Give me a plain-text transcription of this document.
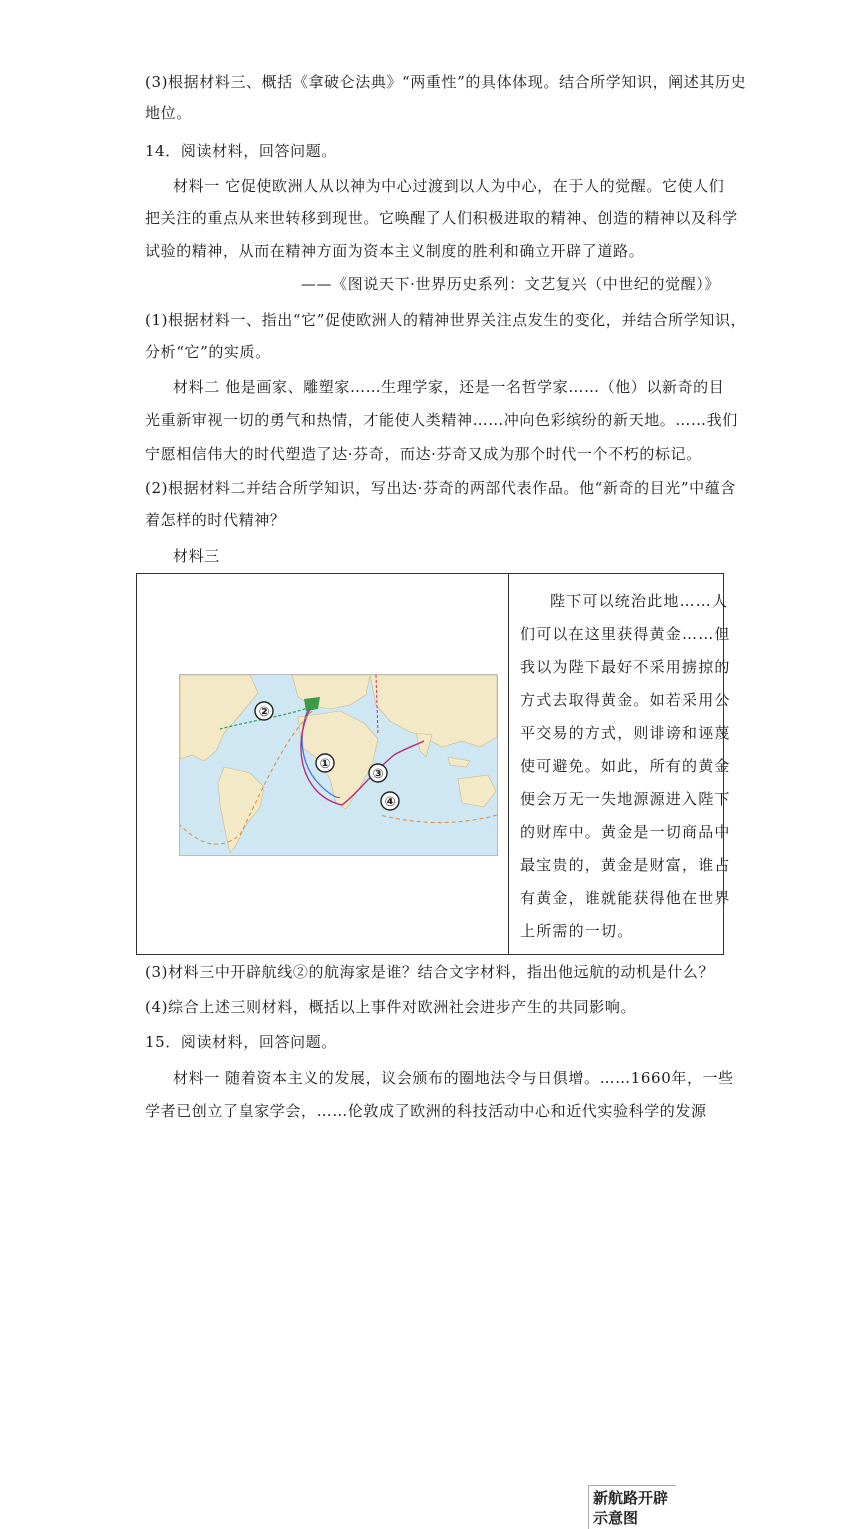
(3)根据材料三、概括《拿破仑法典》“两重性”的具体体现。结合所学知识，阐述其历史
地位。
14．阅读材料，回答问题。
材料一 它促使欧洲人从以神为中心过渡到以人为中心，在于人的觉醒。它使人们
把关注的重点从来世转移到现世。它唤醒了人们积极进取的精神、创造的精神以及科学
试验的精神，从而在精神方面为资本主义制度的胜利和确立开辟了道路。
——《图说天下·世界历史系列：文艺复兴（中世纪的觉醒）》
(1)根据材料一、指出“它”促使欧洲人的精神世界关注点发生的变化，并结合所学知识，
分析“它”的实质。
材料二 他是画家、雕塑家……生理学家，还是一名哲学家……（他）以新奇的目
光重新审视一切的勇气和热情，才能使人类精神……冲向色彩缤纷的新天地。……我们
宁愿相信伟大的时代塑造了达·芬奇，而达·芬奇又成为那个时代一个不朽的标记。
(2)根据材料二并结合所学知识，写出达·芬奇的两部代表作品。他“新奇的目光”中蕴含
着怎样的时代精神？
材料三
陛下可以统治此地……人
们可以在这里获得黄金……但
我以为陛下最好不采用掳掠的
方式去取得黄金。如若采用公
平交易的方式，则诽谤和诬蔑
使可避免。如此，所有的黄金
便会万无一失地源源进入陛下
的财库中。黄金是一切商品中
最宝贵的，黄金是财富，谁占
有黄金，谁就能获得他在世界
上所需的一切。
②
①
③
④
新航路开辟示意图
(3)材料三中开辟航线②的航海家是谁？结合文字材料，指出他远航的动机是什么？
(4)综合上述三则材料，概括以上事件对欧洲社会进步产生的共同影响。
15．阅读材料，回答问题。
材料一 随着资本主义的发展，议会颁布的圈地法令与日俱增。……1660年，一些
学者已创立了皇家学会，……伦敦成了欧洲的科技活动中心和近代实验科学的发源
